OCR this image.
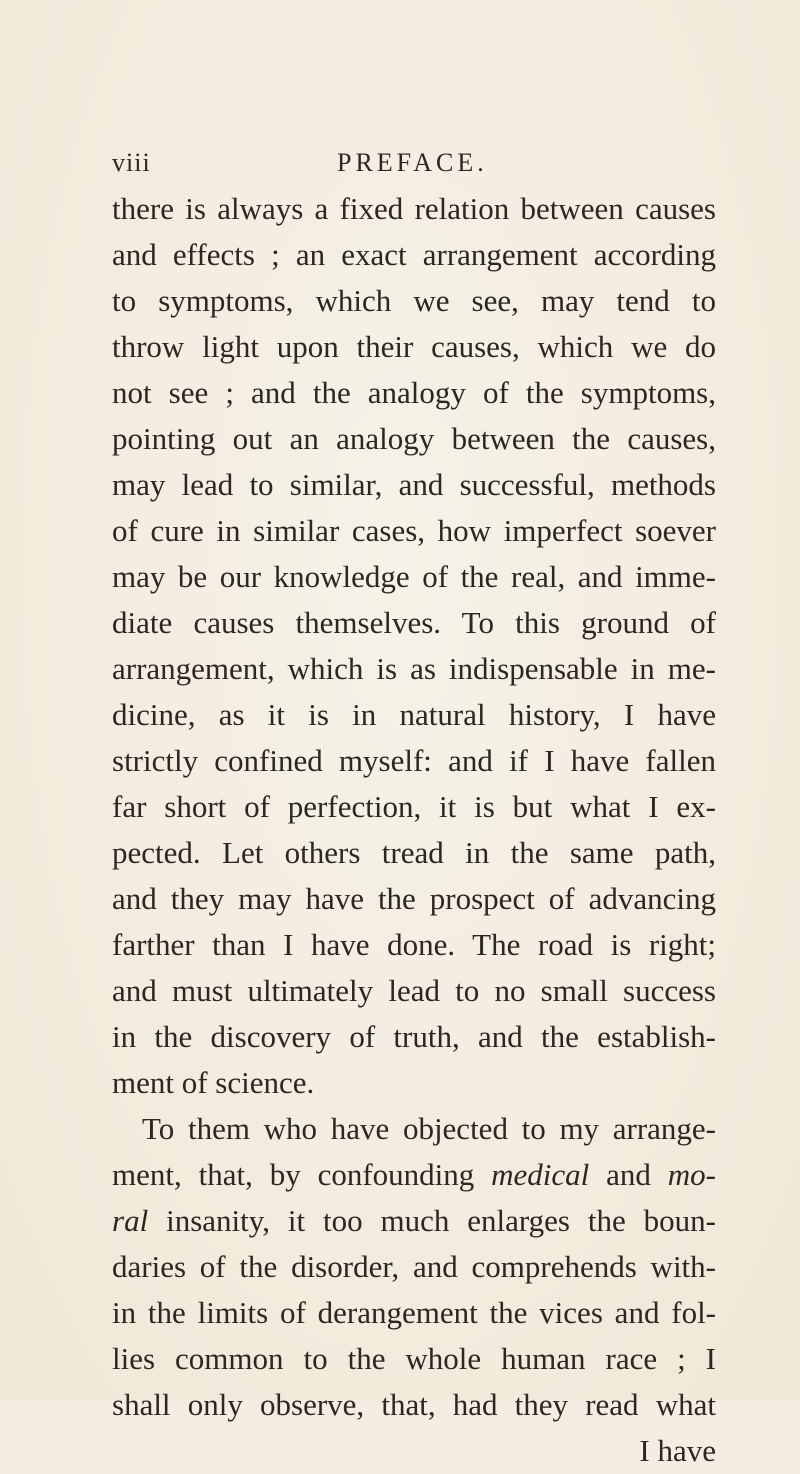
viii	PREFACE.
there is always a fixed relation between causes
and effects ; an exact arrangement according
to symptoms, which we see, may tend to
throw light upon their causes, which we do
not see ; and the analogy of the symptoms,
pointing out an analogy between the causes,
may lead to similar, and successful, methods
of cure in similar cases, how imperfect soever
may be our knowledge of the real, and imme-
diate causes themselves. To this ground of
arrangement, which is as indispensable in me-
dicine, as it is in natural history, I have
strictly confined myself: and if I have fallen
far short of perfection, it is but what I ex-
pected. Let others tread in the same path,
and they may have the prospect of advancing
farther than I have done. The road is right;
and must ultimately lead to no small success
in the discovery of truth, and the establish-
ment of science.
To them who have objected to my arrange-
ment, that, by confounding medical and mo-
ral insanity, it too much enlarges the boun-
daries of the disorder, and comprehends with-
in the limits of derangement the vices and fol-
lies common to the whole human race ; I
shall only observe, that, had they read what
I have
